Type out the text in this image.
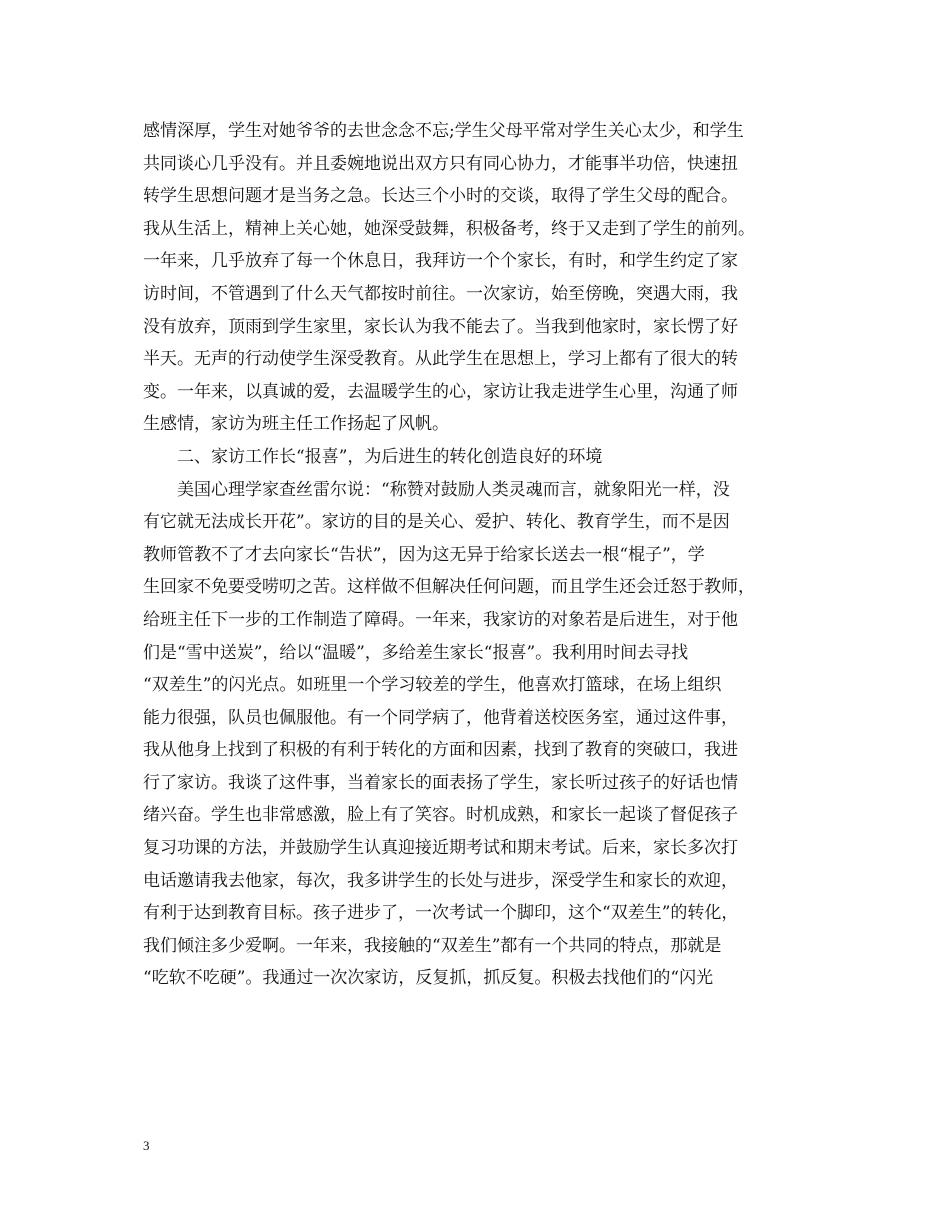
感情深厚，学生对她爷爷的去世念念不忘;学生父母平常对学生关心太少，和学生
共同谈心几乎没有。并且委婉地说出双方只有同心协力，才能事半功倍，快速扭
转学生思想问题才是当务之急。长达三个小时的交谈，取得了学生父母的配合。
我从生活上，精神上关心她，她深受鼓舞，积极备考，终于又走到了学生的前列。
一年来，几乎放弃了每一个休息日，我拜访一个个家长，有时，和学生约定了家
访时间，不管遇到了什么天气都按时前往。一次家访，始至傍晚，突遇大雨，我
没有放弃，顶雨到学生家里，家长认为我不能去了。当我到他家时，家长愣了好
半天。无声的行动使学生深受教育。从此学生在思想上，学习上都有了很大的转
变。一年来，以真诚的爱，去温暖学生的心，家访让我走进学生心里，沟通了师
生感情，家访为班主任工作扬起了风帆。
二、家访工作长“报喜”，为后进生的转化创造良好的环境
美国心理学家查丝雷尔说：“称赞对鼓励人类灵魂而言，就象阳光一样，没
有它就无法成长开花”。家访的目的是关心、爱护、转化、教育学生，而不是因
教师管教不了才去向家长“告状”，因为这无异于给家长送去一根“棍子”，学
生回家不免要受唠叨之苦。这样做不但解决任何问题，而且学生还会迁怒于教师，
给班主任下一步的工作制造了障碍。一年来，我家访的对象若是后进生，对于他
们是“雪中送炭”，给以“温暖”，多给差生家长“报喜”。我利用时间去寻找
“双差生”的闪光点。如班里一个学习较差的学生，他喜欢打篮球，在场上组织
能力很强，队员也佩服他。有一个同学病了，他背着送校医务室，通过这件事，
我从他身上找到了积极的有利于转化的方面和因素，找到了教育的突破口，我进
行了家访。我谈了这件事，当着家长的面表扬了学生，家长听过孩子的好话也情
绪兴奋。学生也非常感激，脸上有了笑容。时机成熟，和家长一起谈了督促孩子
复习功课的方法，并鼓励学生认真迎接近期考试和期末考试。后来，家长多次打
电话邀请我去他家，每次，我多讲学生的长处与进步，深受学生和家长的欢迎，
有利于达到教育目标。孩子进步了，一次考试一个脚印，这个“双差生”的转化，
我们倾注多少爱啊。一年来，我接触的“双差生”都有一个共同的特点，那就是
“吃软不吃硬”。我通过一次次家访，反复抓，抓反复。积极去找他们的“闪光
3
